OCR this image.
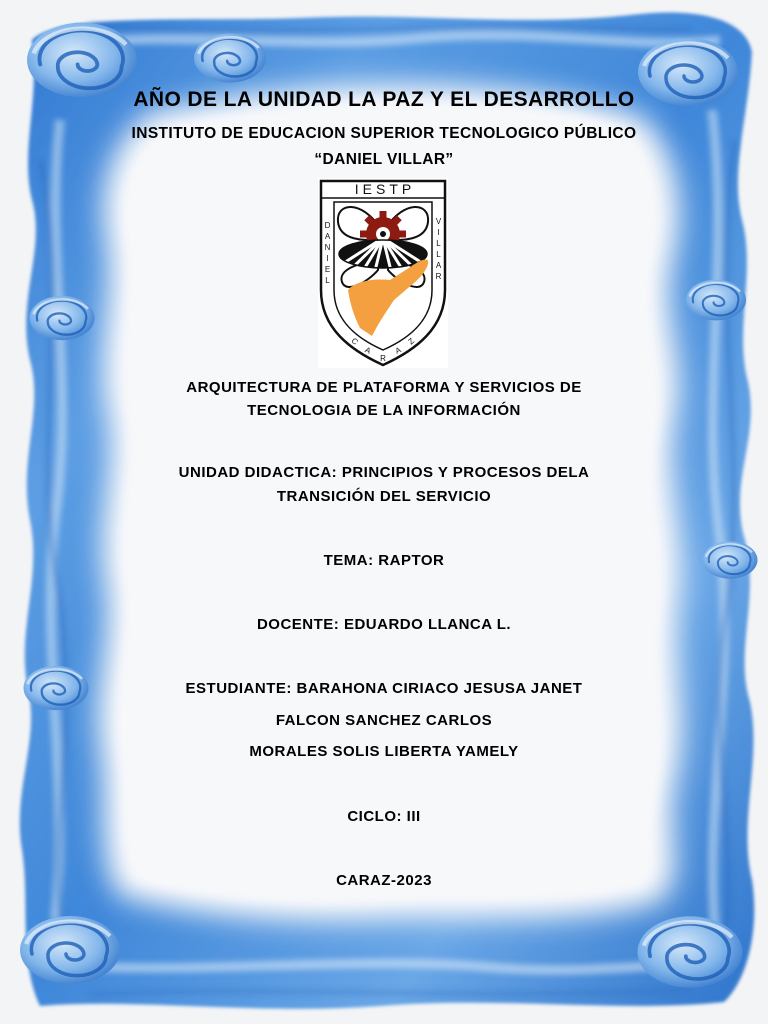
AÑO DE LA UNIDAD LA PAZ Y EL DESARROLLO
INSTITUTO DE EDUCACION SUPERIOR TECNOLOGICO PÚBLICO
“DANIEL VILLAR”
IESTP
D
A
N
I
E
L
V
I
L
L
A
R
C
A
R
A
Z
ARQUITECTURA DE PLATAFORMA Y SERVICIOS DE
TECNOLOGIA DE LA INFORMACIÓN
UNIDAD DIDACTICA: PRINCIPIOS Y PROCESOS DELA
TRANSICIÓN DEL SERVICIO
TEMA: RAPTOR
DOCENTE: EDUARDO LLANCA L.
ESTUDIANTE: BARAHONA CIRIACO JESUSA JANET
FALCON SANCHEZ CARLOS
MORALES SOLIS LIBERTA YAMELY
CICLO: III
CARAZ-2023
